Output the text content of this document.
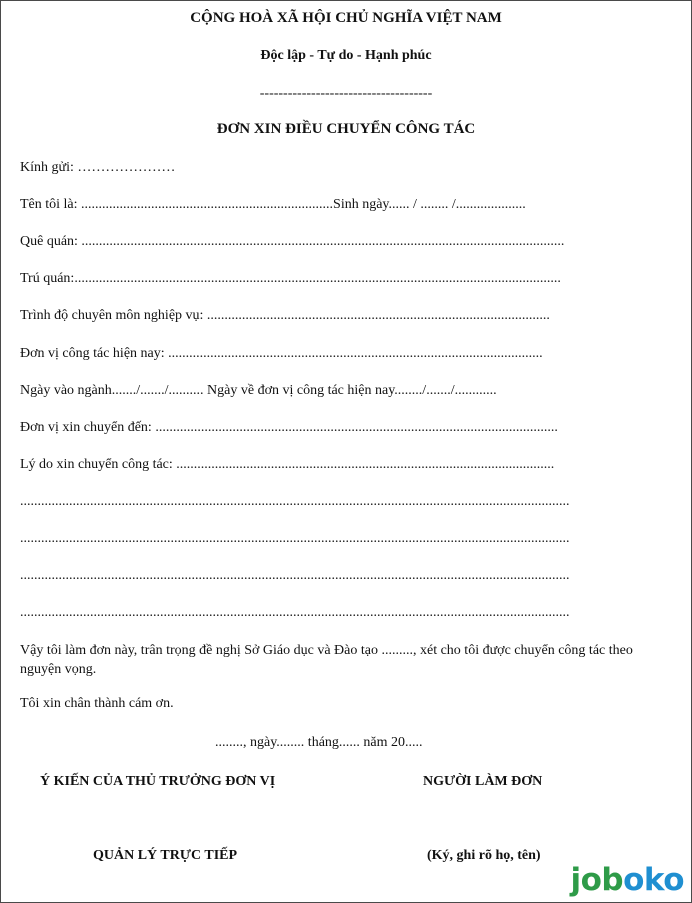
CỘNG HOÀ XÃ HỘI CHỦ NGHĨA VIỆT NAM
Độc lập - Tự do - Hạnh phúc
-------------------------------------
ĐƠN XIN ĐIỀU CHUYỂN CÔNG TÁC
Kính gửi: …………………
Tên tôi là: ........................................................................Sinh ngày...... / ........ /....................
Quê quán: ..........................................................................................................................................
Trú quán:...........................................................................................................................................
Trình độ chuyên môn nghiệp vụ: ..................................................................................................
Đơn vị công tác hiện nay: ...........................................................................................................
Ngày vào ngành......./......./.......... Ngày về đơn vị công tác hiện nay......../......./............
Đơn vị xin chuyển đến: ...................................................................................................................
Lý do xin chuyển công tác: ............................................................................................................
.............................................................................................................................................................
.............................................................................................................................................................
.............................................................................................................................................................
.............................................................................................................................................................
Vậy tôi làm đơn này, trân trọng đề nghị Sở Giáo dục và Đào tạo ........., xét cho tôi được chuyển công tác theo nguyện vọng.
Tôi xin chân thành cám ơn.
........, ngày........ tháng...... năm 20.....
Ý KIẾN CỦA THỦ TRƯỞNG ĐƠN VỊ	NGƯỜI LÀM ĐƠN
QUẢN LÝ TRỰC TIẾP	(Ký, ghi rõ họ, tên)
joboko
